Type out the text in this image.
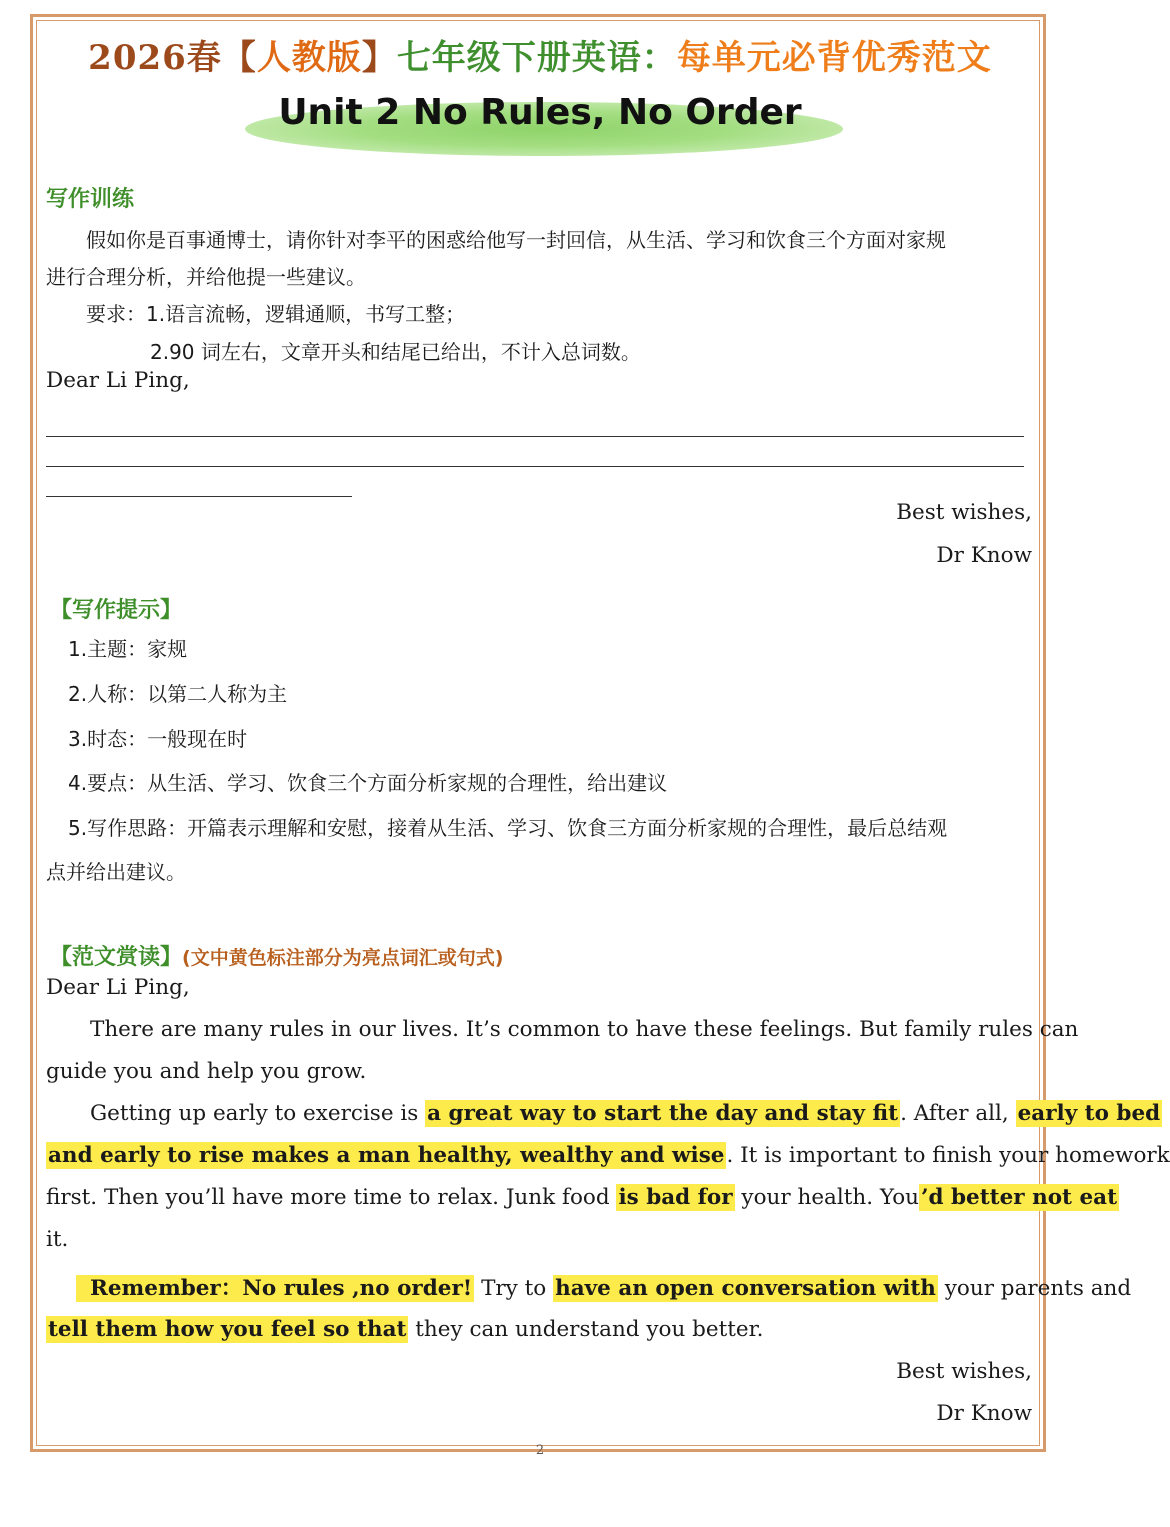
2026春【人教版】七年级下册英语：每单元必背优秀范文
Unit 2 No Rules, No Order
写作训练
假如你是百事通博士，请你针对李平的困惑给他写一封回信，从生活、学习和饮食三个方面对家规
进行合理分析，并给他提一些建议。
要求：1.语言流畅，逻辑通顺，书写工整；
2.90 词左右，文章开头和结尾已给出，不计入总词数。
Dear Li Ping,
Best wishes,
Dr Know
【写作提示】
1.主题：家规
2.人称：以第二人称为主
3.时态：一般现在时
4.要点：从生活、学习、饮食三个方面分析家规的合理性，给出建议
5.写作思路：开篇表示理解和安慰，接着从生活、学习、饮食三方面分析家规的合理性，最后总结观
点并给出建议。
【范文赏读】(文中黄色标注部分为亮点词汇或句式)
Dear Li Ping,
There are many rules in our lives. It’s common to have these feelings. But family rules can
guide you and help you grow.
Getting up early to exercise is a great way to start the day and stay fit. After all, early to bed
and early to rise makes a man healthy, wealthy and wise. It is important to finish your homework
first. Then you’ll have more time to relax. Junk food is bad for your health. You’d better not eat
it.
Remember：No rules ,no order! Try to have an open conversation with your parents and
tell them how you feel so that they can understand you better.
Best wishes,
Dr Know
2
